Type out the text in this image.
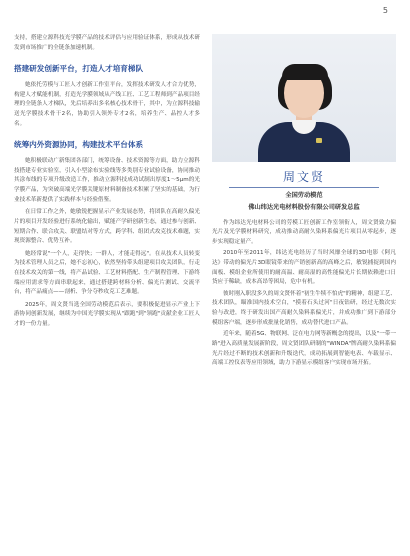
5

支持，搭建立源科技光学膜产品的技术评估与应用验证体系，形成从技术研发到市场推广的全链条加速机制。

搭建研发创新平台，打造人才培育梯队

她依托劳模与工匠人才创新工作室平台，发挥技术研发人才合力优势，构建人才赋能机制，打造光学膜领域从产线工匠、工艺工程师到产品项目经理的全链条人才梯队，先后培养出多名核心技术骨干，其中，为立源科技输送光学膜技术骨干2名，协助引入领外专才2名，培养生产、品控人才多名。

统筹内外资源协同，构建技术平台体系

她积极联动广新集团各部门，统筹设备、技术资源等方面，助力立源科技搭建专业实验室，引入小型涂布实验线等多类别专业试验设备，协同推动其涂布线的专项升级改造工作，推动立源科技成功试制出厚度1～5μm的光学膜产品，为突破高端光学膜关键原材料制备技术积累了坚实的基础，为行业技术革新提供了实践样本与经验借鉴。

在日常工作之外，她敏锐把握显示产业发展态势，将团队在高耐久偏光片的项目开发经验进行系统化输出，赋能产学研创新生态，通过参与创新、短期合作、联合攻关、联盟结对等方式，跨学科、组团式攻克技术难题，实现资源整合、优势互补。

她经常说"一个人，走得快；一群人，才能走得远"。在从技术人员转变为技术管理人员之后，她不忘初心，依然坚持带头组建项目攻关团队，行走在技术攻关的第一线，将产品试验、工艺材料搭配、生产制程管理、下游终端应用需求等方面串联起来，通过搭建跨材料分析、偏光片测试、交流平台，将产品痛点——剖析、争分夺秒攻克工艺难题。

2025年，周文贤当选全国劳动模范后表示，要积极促进显示产业上下游协同创新发展，继续为中国光学膜实现从"跟跑"到"领跑"贡献企业工匠人才的一份力量。

周文贤
全国劳动模范
佛山纬达光电材料股份有限公司研发总监

作为纬达光电材料公司的劳模工匠创新工作室领衔人，周文贤致力偏光片及光学膜材料研究，成功推动高耐久染料系偏光片项目从零起步，逐步实现稳定量产。

2010年至2011年，纬达光电经历了当时风靡全球的3D电影《阿凡达》带动的偏光片3D眼镜带来的产销创新高的高峰之后，敏锐捕捉到国内面板、模组企业所使用的耐高温、耐高湿的高性能偏光片长期依赖进口日货应于稀缺，成本高昂等困局，危中有机。

彼时刚入职没多久的周文贤怀着"初生牛犊不怕虎"的精神，组建工艺、技术团队，瞄准国内技术空白，"摸着石头过河"日夜钻研，经过无数次实验与改进，终于研发出国产高耐久染料系偏光片，并成功推广到下游部分模组客户端，逐步形成批量化销售，成功替代进口产品。

近年来，随着5G、物联网、泛在电力网等新概念的提出，以及"一带一路"进入高质量发展新阶段，周文贤团队研制的"WINDA"牌高耐久染料系偏光片经过不断的技术创新和升级迭代，成功拓展到智能电表、车载显示、高端工控仪表等应用领域，助力下游显示模组客户实现市场开拓。
